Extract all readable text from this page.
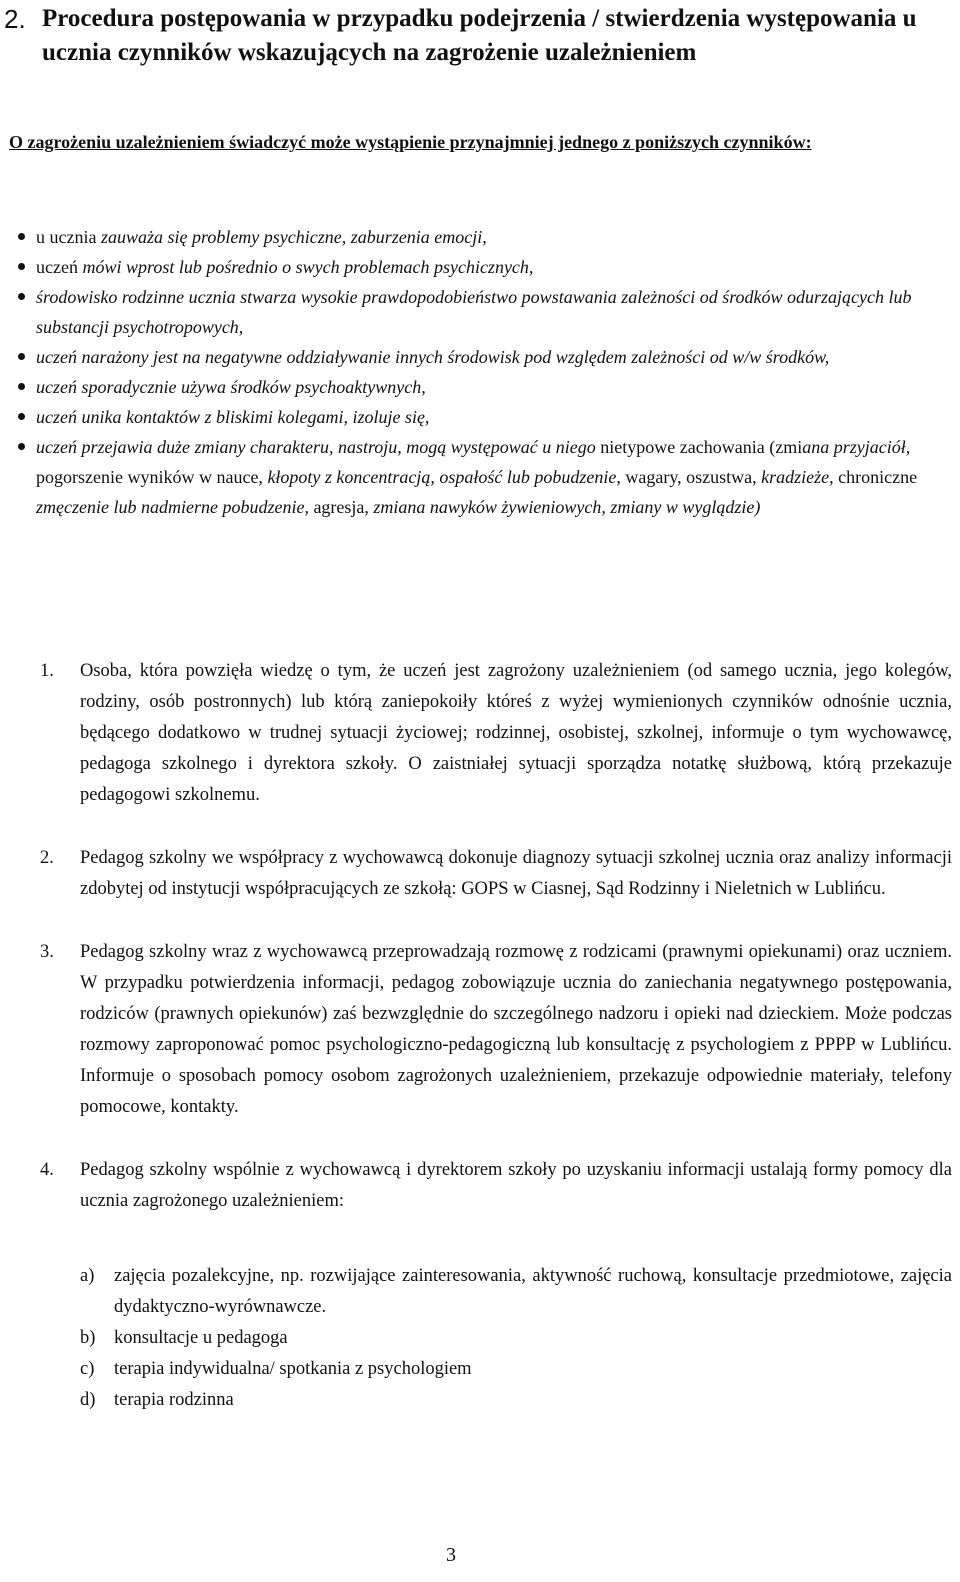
2. Procedura postępowania w przypadku podejrzenia / stwierdzenia występowania u ucznia czynników wskazujących na zagrożenie uzależnieniem
O zagrożeniu uzależnieniem świadczyć może wystąpienie przynajmniej jednego z poniższych czynników:
u ucznia zauważa się problemy psychiczne, zaburzenia emocji,
uczeń mówi wprost lub pośrednio o swych problemach psychicznych,
środowisko rodzinne ucznia stwarza wysokie prawdopodobieństwo powstawania zależności od środków odurzających lub substancji psychotropowych,
uczeń narażony jest na negatywne oddziaływanie innych środowisk pod względem zależności od w/w środków,
uczeń sporadycznie używa środków psychoaktywnych,
uczeń unika kontaktów z bliskimi kolegami, izoluje się,
uczeń przejawia duże zmiany charakteru, nastroju, mogą występować u niego nietypowe zachowania (zmiana przyjaciół, pogorszenie wyników w nauce, kłopoty z koncentracją, ospałość lub pobudzenie, wagary, oszustwa, kradzieże, chroniczne zmęczenie lub nadmierne pobudzenie, agresja, zmiana nawyków żywieniowych, zmiany w wyglądzie)
1. Osoba, która powzięła wiedzę o tym, że uczeń jest zagrożony uzależnieniem (od samego ucznia, jego kolegów, rodziny, osób postronnych) lub którą zaniepokoiły któreś z wyżej wymienionych czynników odnośnie ucznia, będącego dodatkowo w trudnej sytuacji życiowej; rodzinnej, osobistej, szkolnej, informuje o tym wychowawcę, pedagoga szkolnego i dyrektora szkoły. O zaistniałej sytuacji sporządza notatkę służbową, którą przekazuje pedagogowi szkolnemu.
2. Pedagog szkolny we współpracy z wychowawcą dokonuje diagnozy sytuacji szkolnej ucznia oraz analizy informacji zdobytej od instytucji współpracujących ze szkołą: GOPS w Ciasnej, Sąd Rodzinny i Nieletnich w Lublińcu.
3. Pedagog szkolny wraz z wychowawcą przeprowadzają rozmowę z rodzicami (prawnymi opiekunami) oraz uczniem. W przypadku potwierdzenia informacji, pedagog zobowiązuje ucznia do zaniechania negatywnego postępowania, rodziców (prawnych opiekunów) zaś bezwzględnie do szczególnego nadzoru i opieki nad dzieckiem. Może podczas rozmowy zaproponować pomoc psychologiczno-pedagogiczną lub konsultację z psychologiem z PPPP w Lublińcu. Informuje o sposobach pomocy osobom zagrożonych uzależnieniem, przekazuje odpowiednie materiały, telefony pomocowe, kontakty.
4. Pedagog szkolny wspólnie z wychowawcą i dyrektorem szkoły po uzyskaniu informacji ustalają formy pomocy dla ucznia zagrożonego uzależnieniem:
a) zajęcia pozalekcyjne, np. rozwijające zainteresowania, aktywność ruchową, konsultacje przedmiotowe, zajęcia dydaktyczno-wyrównawcze.
b) konsultacje u pedagoga
c) terapia indywidualna/ spotkania z psychologiem
d) terapia rodzinna
3
